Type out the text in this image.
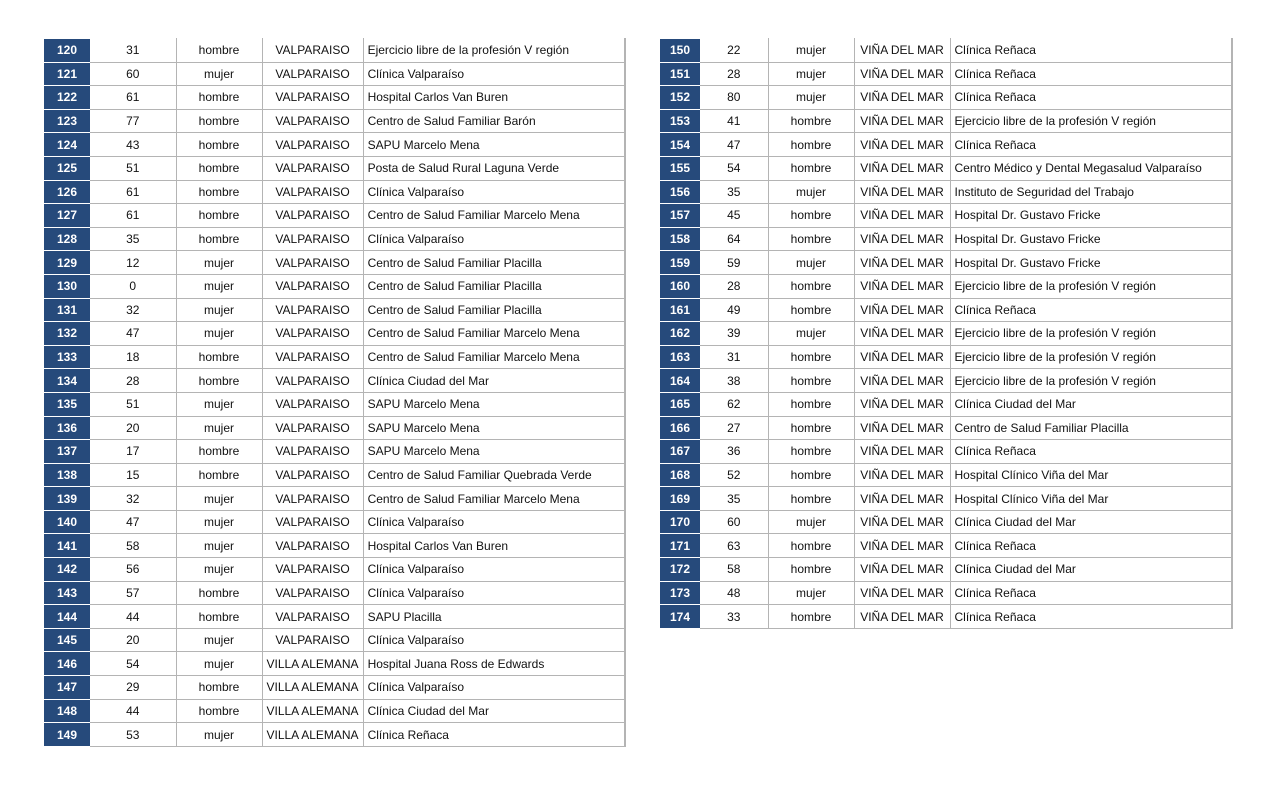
120	31	hombre	VALPARAISO	Ejercicio libre de la profesión V región
121	60	mujer	VALPARAISO	Clínica Valparaíso
122	61	hombre	VALPARAISO	Hospital Carlos Van Buren
123	77	hombre	VALPARAISO	Centro de Salud Familiar Barón
124	43	hombre	VALPARAISO	SAPU Marcelo Mena
125	51	hombre	VALPARAISO	Posta de Salud Rural Laguna Verde
126	61	hombre	VALPARAISO	Clínica Valparaíso
127	61	hombre	VALPARAISO	Centro de Salud Familiar Marcelo Mena
128	35	hombre	VALPARAISO	Clínica Valparaíso
129	12	mujer	VALPARAISO	Centro de Salud Familiar Placilla
130	0	mujer	VALPARAISO	Centro de Salud Familiar Placilla
131	32	mujer	VALPARAISO	Centro de Salud Familiar Placilla
132	47	mujer	VALPARAISO	Centro de Salud Familiar Marcelo Mena
133	18	hombre	VALPARAISO	Centro de Salud Familiar Marcelo Mena
134	28	hombre	VALPARAISO	Clínica Ciudad del Mar
135	51	mujer	VALPARAISO	SAPU Marcelo Mena
136	20	mujer	VALPARAISO	SAPU Marcelo Mena
137	17	hombre	VALPARAISO	SAPU Marcelo Mena
138	15	hombre	VALPARAISO	Centro de Salud Familiar Quebrada Verde
139	32	mujer	VALPARAISO	Centro de Salud Familiar Marcelo Mena
140	47	mujer	VALPARAISO	Clínica Valparaíso
141	58	mujer	VALPARAISO	Hospital Carlos Van Buren
142	56	mujer	VALPARAISO	Clínica Valparaíso
143	57	hombre	VALPARAISO	Clínica Valparaíso
144	44	hombre	VALPARAISO	SAPU Placilla
145	20	mujer	VALPARAISO	Clínica Valparaíso
146	54	mujer	VILLA ALEMANA	Hospital Juana Ross de Edwards
147	29	hombre	VILLA ALEMANA	Clínica Valparaíso
148	44	hombre	VILLA ALEMANA	Clínica Ciudad del Mar
149	53	mujer	VILLA ALEMANA	Clínica Reñaca
150	22	mujer	VIÑA DEL MAR	Clínica Reñaca
151	28	mujer	VIÑA DEL MAR	Clínica Reñaca
152	80	mujer	VIÑA DEL MAR	Clínica Reñaca
153	41	hombre	VIÑA DEL MAR	Ejercicio libre de la profesión V región
154	47	hombre	VIÑA DEL MAR	Clínica Reñaca
155	54	hombre	VIÑA DEL MAR	Centro Médico y Dental Megasalud Valparaíso
156	35	mujer	VIÑA DEL MAR	Instituto de Seguridad del Trabajo
157	45	hombre	VIÑA DEL MAR	Hospital Dr. Gustavo Fricke
158	64	hombre	VIÑA DEL MAR	Hospital Dr. Gustavo Fricke
159	59	mujer	VIÑA DEL MAR	Hospital Dr. Gustavo Fricke
160	28	hombre	VIÑA DEL MAR	Ejercicio libre de la profesión V región
161	49	hombre	VIÑA DEL MAR	Clínica Reñaca
162	39	mujer	VIÑA DEL MAR	Ejercicio libre de la profesión V región
163	31	hombre	VIÑA DEL MAR	Ejercicio libre de la profesión V región
164	38	hombre	VIÑA DEL MAR	Ejercicio libre de la profesión V región
165	62	hombre	VIÑA DEL MAR	Clínica Ciudad del Mar
166	27	hombre	VIÑA DEL MAR	Centro de Salud Familiar Placilla
167	36	hombre	VIÑA DEL MAR	Clínica Reñaca
168	52	hombre	VIÑA DEL MAR	Hospital Clínico Viña del Mar
169	35	hombre	VIÑA DEL MAR	Hospital Clínico Viña del Mar
170	60	mujer	VIÑA DEL MAR	Clínica Ciudad del Mar
171	63	hombre	VIÑA DEL MAR	Clínica Reñaca
172	58	hombre	VIÑA DEL MAR	Clínica Ciudad del Mar
173	48	mujer	VIÑA DEL MAR	Clínica Reñaca
174	33	hombre	VIÑA DEL MAR	Clínica Reñaca
